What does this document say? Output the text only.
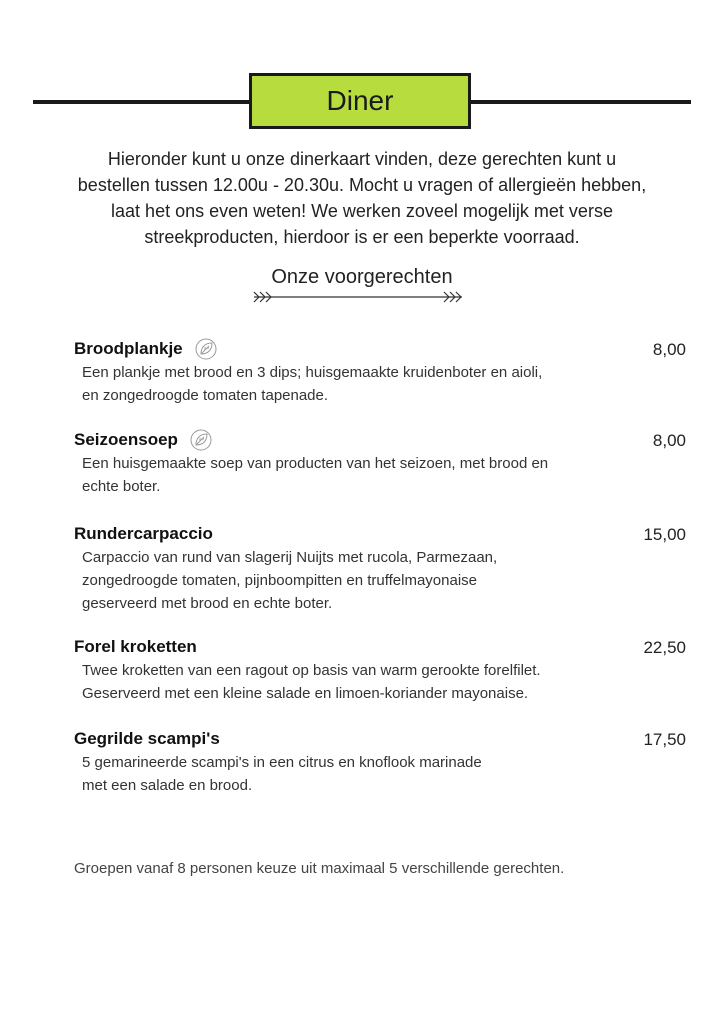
Diner

Hieronder kunt u onze dinerkaart vinden, deze gerechten kunt u

bestellen tussen 12.00u - 20.30u. Mocht u vragen of allergieën hebben,

laat het ons even weten! We werken zoveel mogelijk met verse

streekproducten, hierdoor is er een beperkte voorraad.

Onze voorgerechten
Broodplankje	8,00
Een plankje met brood en 3 dips; huisgemaakte kruidenboter en aioli,
en zongedroogde tomaten tapenade.
Seizoensoep	8,00
Een huisgemaakte soep van producten van het seizoen, met brood en
echte boter.
Rundercarpaccio	15,00
Carpaccio van rund van slagerij Nuijts met rucola, Parmezaan,
zongedroogde tomaten, pijnboompitten en truffelmayonaise
geserveerd met brood en echte boter.
Forel kroketten	22,50
Twee kroketten van een ragout op basis van warm gerookte forelfilet.
Geserveerd met een kleine salade en limoen-koriander mayonaise.
Gegrilde scampi's	17,50
5 gemarineerde scampi's in een citrus en knoflook marinade
met een salade en brood.
Groepen vanaf 8 personen keuze uit maximaal 5 verschillende gerechten.
